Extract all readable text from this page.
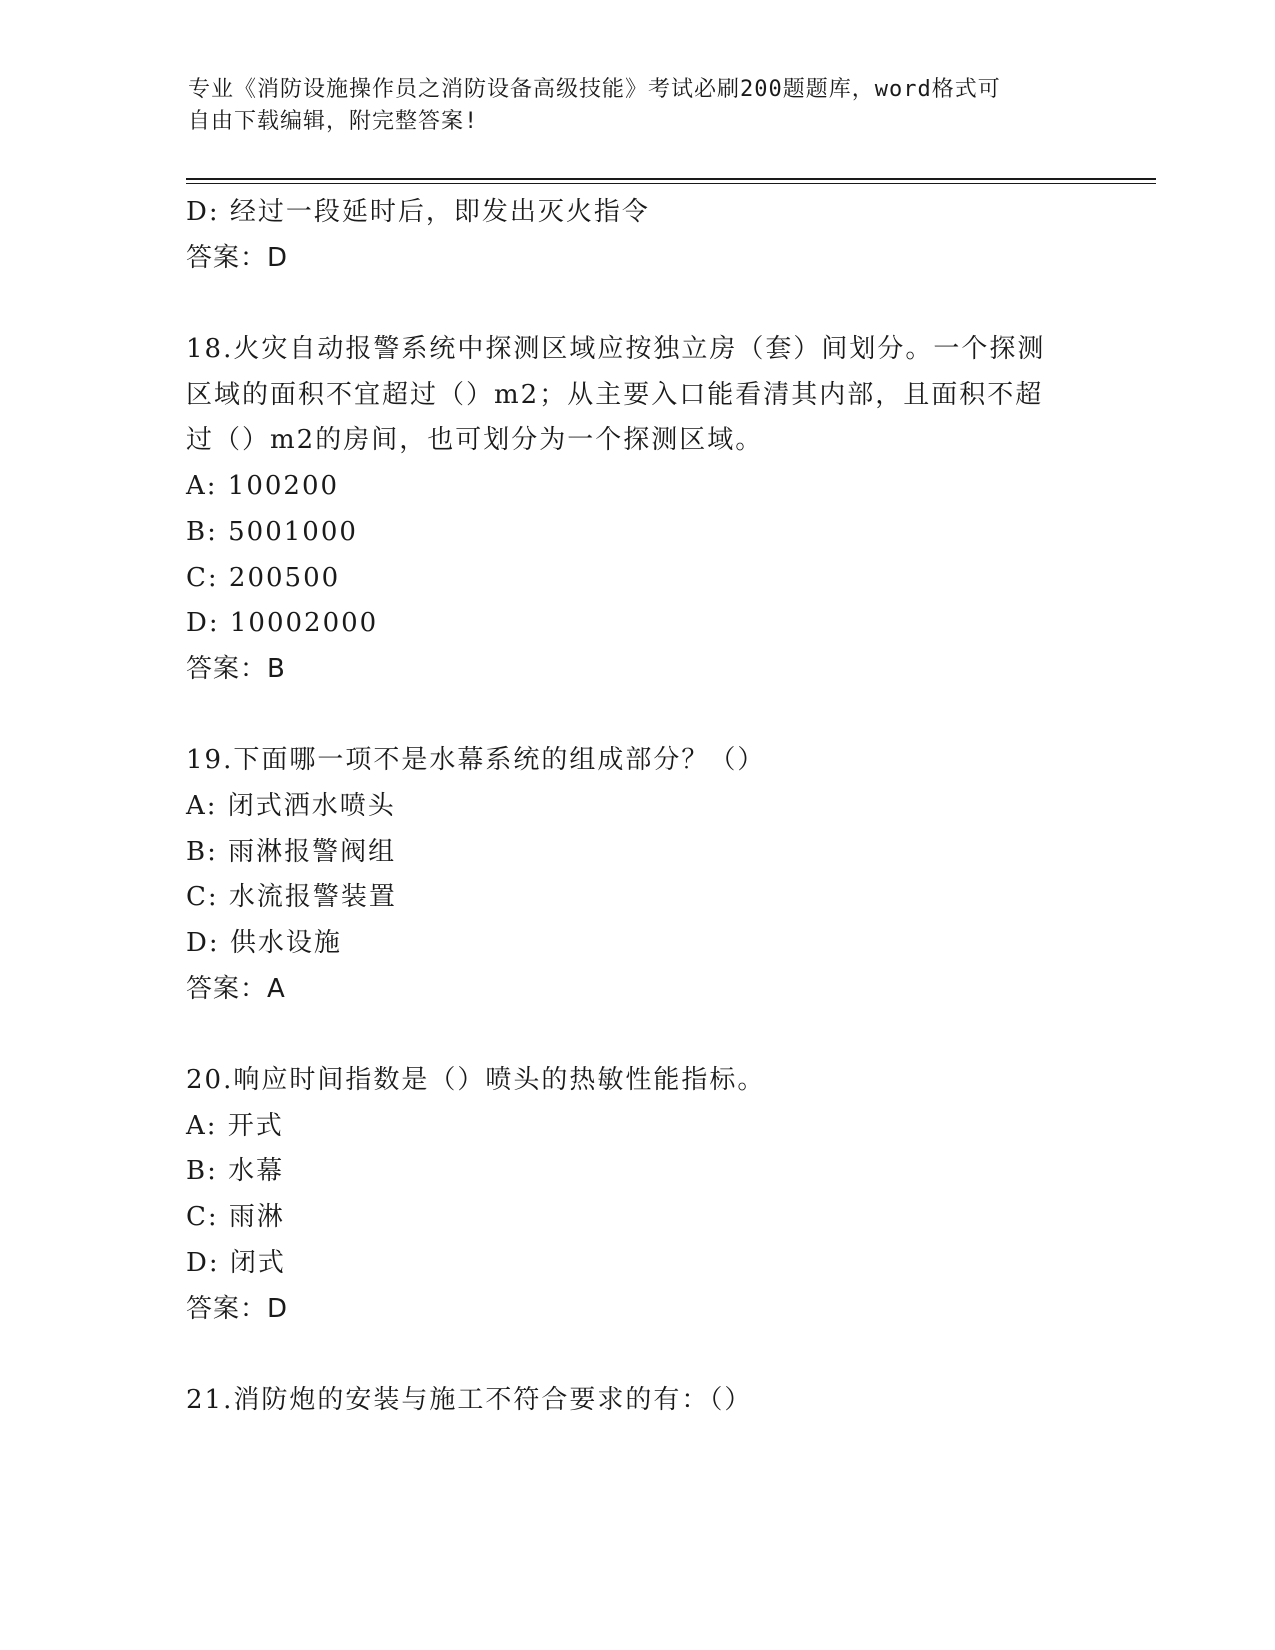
专业《消防设施操作员之消防设备高级技能》考试必刷200题题库，word格式可
自由下载编辑，附完整答案!
D: 经过一段延时后，即发出灭火指令
答案：D
18.火灾自动报警系统中探测区域应按独立房（套）间划分。一个探测
区域的面积不宜超过（）m2；从主要入口能看清其内部，且面积不超
过（）m2的房间，也可划分为一个探测区域。
A: 100200
B: 5001000
C: 200500
D: 10002000
答案：B
19.下面哪一项不是水幕系统的组成部分？（）
A: 闭式洒水喷头
B: 雨淋报警阀组
C: 水流报警装置
D: 供水设施
答案：A
20.响应时间指数是（）喷头的热敏性能指标。
A: 开式
B: 水幕
C: 雨淋
D: 闭式
答案：D
21.消防炮的安装与施工不符合要求的有：（）
